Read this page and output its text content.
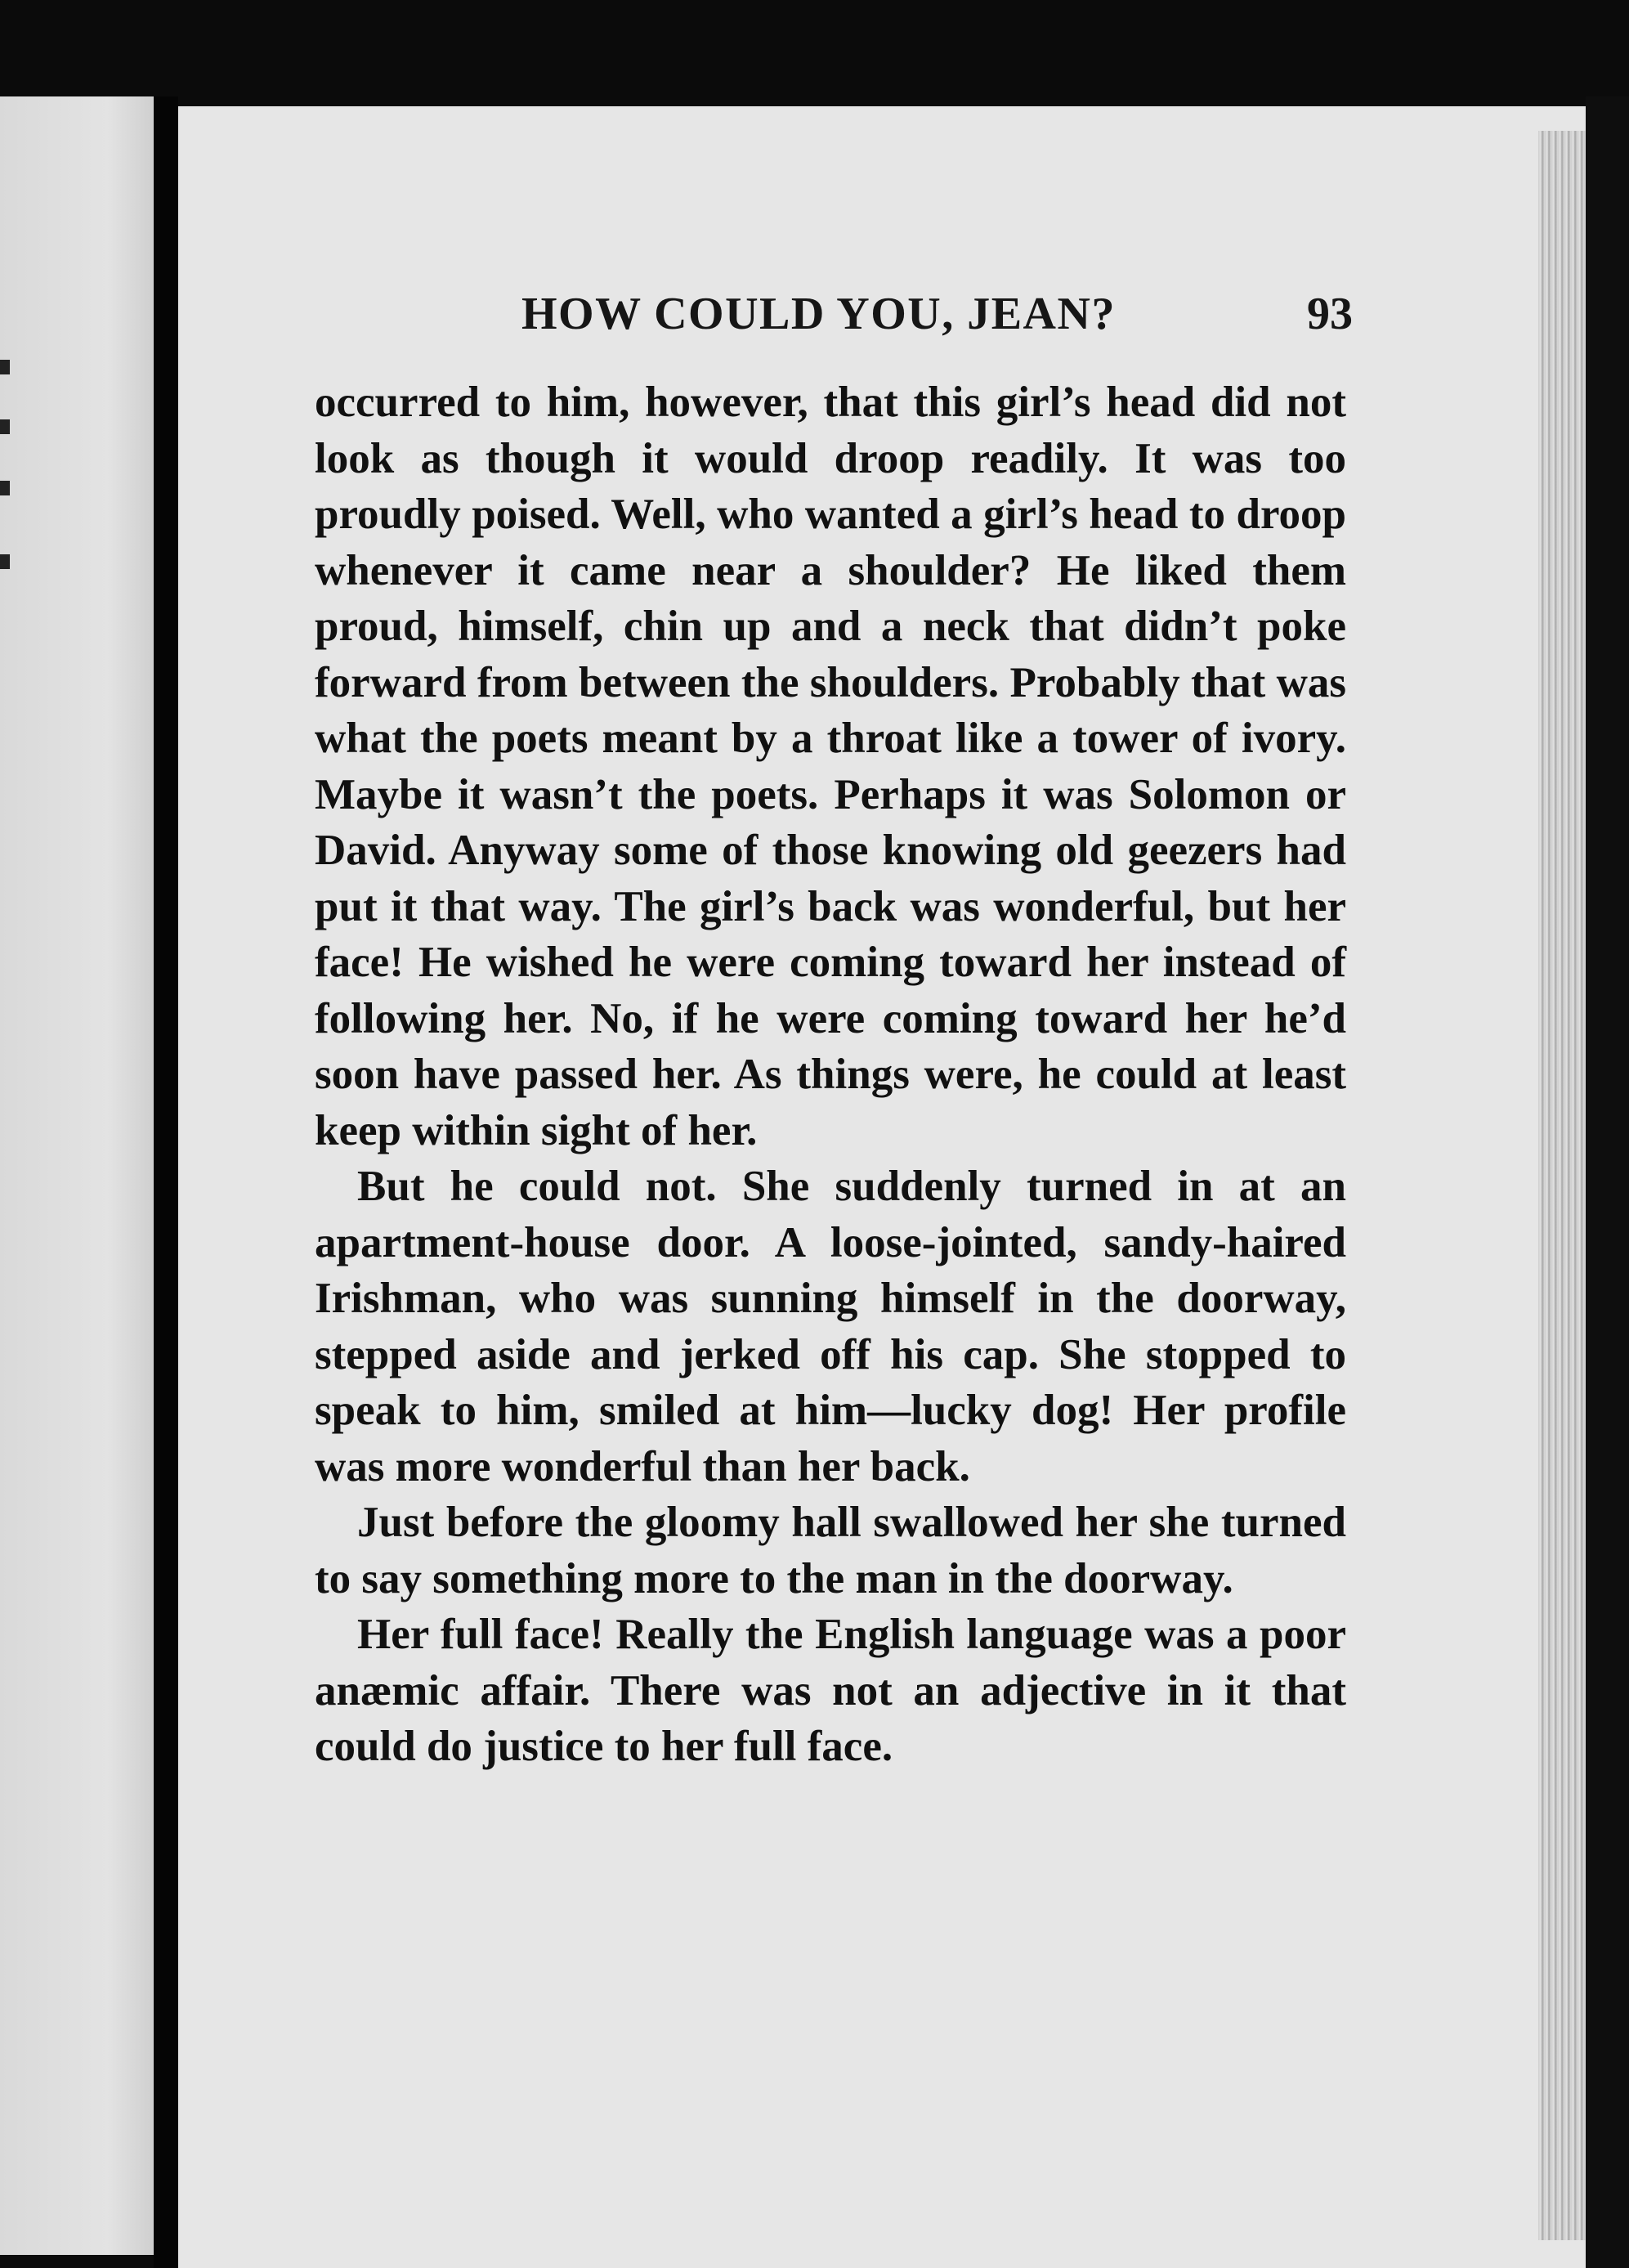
HOW COULD YOU, JEAN?	93

occurred to him, however, that this girl’s head did not look as though it would droop readily. It was too proudly poised. Well, who wanted a girl’s head to droop whenever it came near a shoulder? He liked them proud, himself, chin up and a neck that didn’t poke forward from between the shoulders. Probably that was what the poets meant by a throat like a tower of ivory. Maybe it wasn’t the poets. Perhaps it was Solomon or David. Anyway some of those knowing old geezers had put it that way. The girl’s back was wonderful, but her face! He wished he were coming toward her instead of following her. No, if he were coming toward her he’d soon have passed her. As things were, he could at least keep within sight of her.

But he could not. She suddenly turned in at an apartment-house door. A loose-jointed, sandy-haired Irishman, who was sunning himself in the doorway, stepped aside and jerked off his cap. She stopped to speak to him, smiled at him—lucky dog! Her profile was more wonderful than her back.

Just before the gloomy hall swallowed her she turned to say something more to the man in the doorway.

Her full face! Really the English language was a poor anæmic affair. There was not an adjective in it that could do justice to her full face.
